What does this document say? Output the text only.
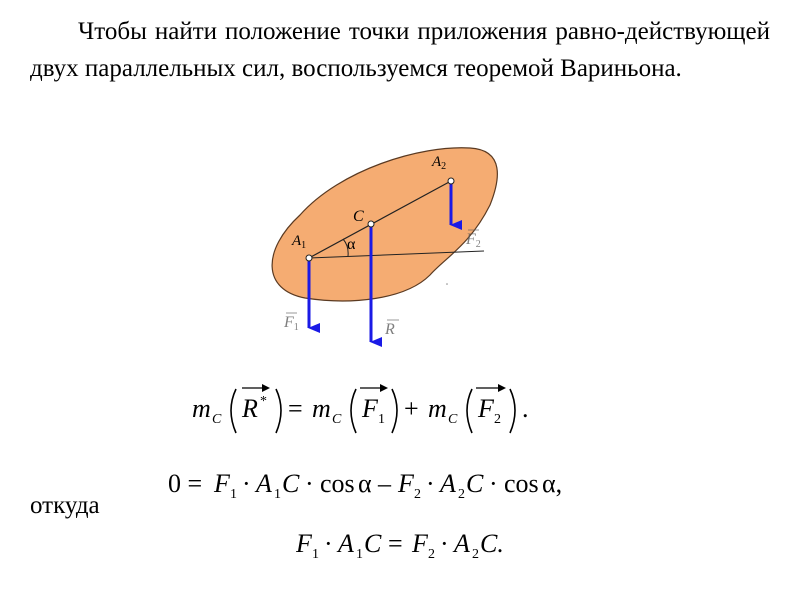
Чтобы найти положение точки приложения равно-действующей двух параллельных сил, воспользуемся теоремой Вариньона.

$A_1$
$A_2$
C
α
F1	R
F2
m C R * = m C F 1 + m C F 2 .
0 = F 1 · A 1 C · cos α – F 2 · A 2 C · cos α,
откуда
F 1 · A 1 C = F 2 · A 2 C.
